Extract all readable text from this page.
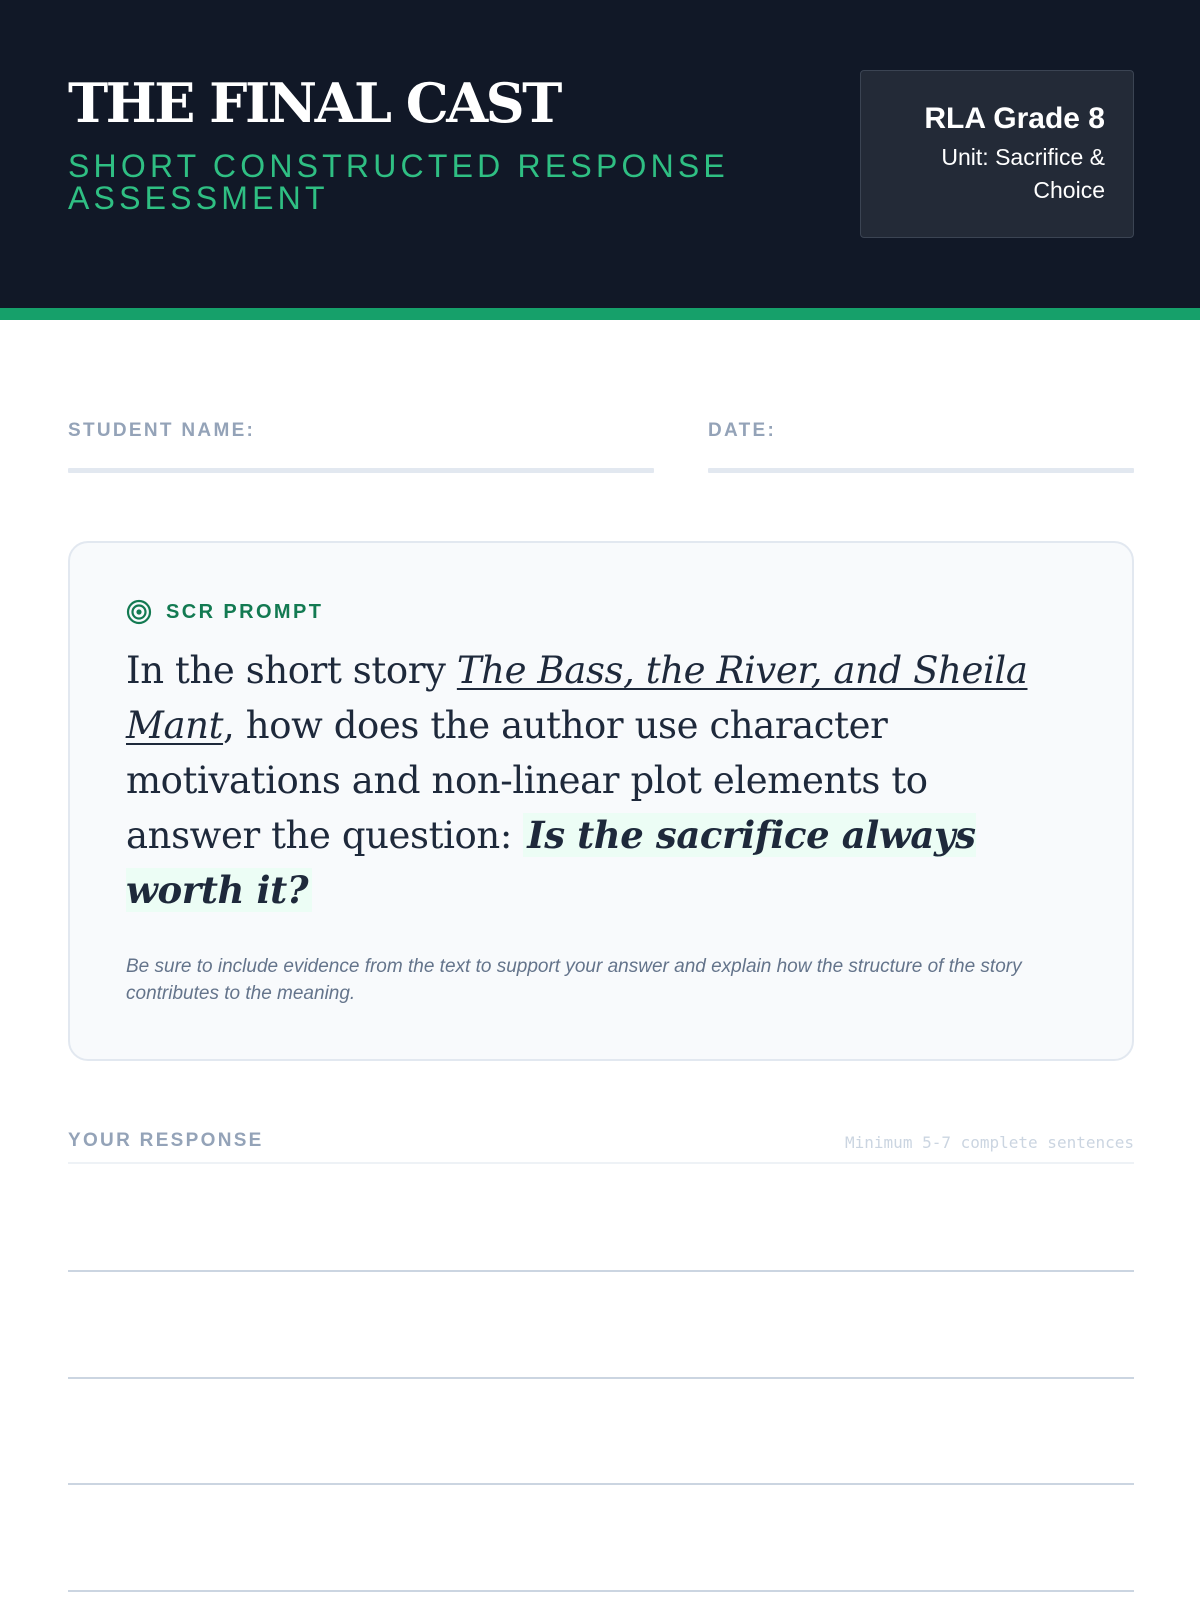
THE FINAL CAST
SHORT CONSTRUCTED RESPONSE ASSESSMENT
RLA Grade 8
Unit: Sacrifice & Choice
STUDENT NAME:	DATE:
SCR PROMPT
In the short story The Bass, the River, and Sheila Mant, how does the author use character motivations and non-linear plot elements to answer the question: Is the sacrifice always worth it?
Be sure to include evidence from the text to support your answer and explain how the structure of the story contributes to the meaning.
YOUR RESPONSE	Minimum 5-7 complete sentences
